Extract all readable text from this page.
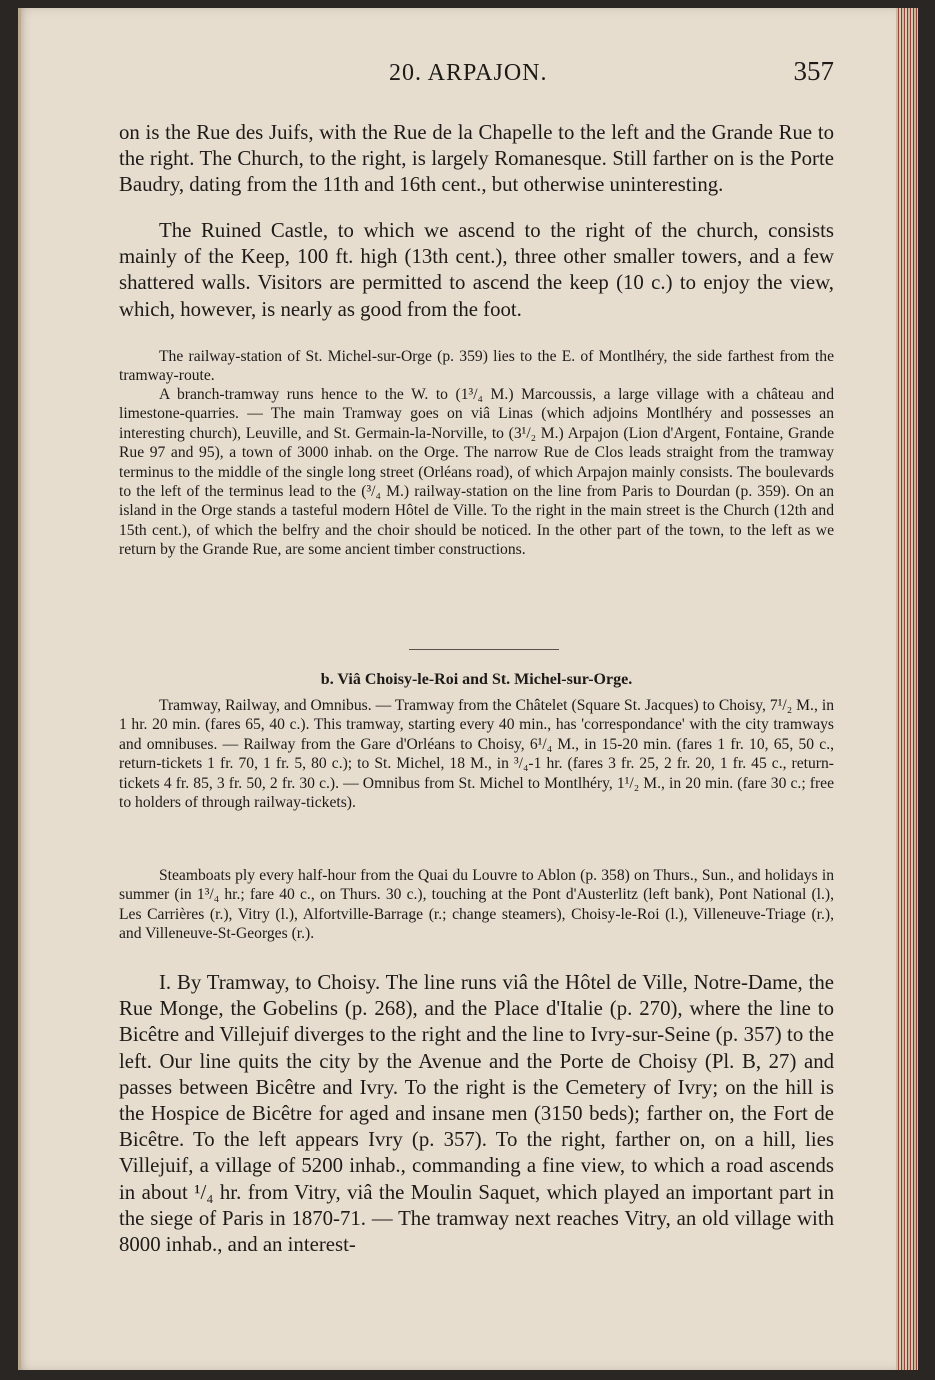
20. ARPAJON.	357

on is the Rue des Juifs, with the Rue de la Chapelle to the left and the Grande Rue to the right. The Church, to the right, is largely Romanesque. Still farther on is the Porte Baudry, dating from the 11th and 16th cent., but otherwise uninteresting.

The Ruined Castle, to which we ascend to the right of the church, consists mainly of the Keep, 100 ft. high (13th cent.), three other smaller towers, and a few shattered walls. Visitors are permitted to ascend the keep (10 c.) to enjoy the view, which, however, is nearly as good from the foot.

The railway-station of St. Michel-sur-Orge (p. 359) lies to the E. of Montlhéry, the side farthest from the tramway-route.

A branch-tramway runs hence to the W. to (1³/₄ M.) Marcoussis, a large village with a château and limestone-quarries. — The main Tramway goes on viâ Linas (which adjoins Montlhéry and possesses an interesting church), Leuville, and St. Germain-la-Norville, to (3¹/₂ M.) Arpajon (Lion d'Argent, Fontaine, Grande Rue 97 and 95), a town of 3000 inhab. on the Orge. The narrow Rue de Clos leads straight from the tramway terminus to the middle of the single long street (Orléans road), of which Arpajon mainly consists. The boulevards to the left of the terminus lead to the (³/₄ M.) railway-station on the line from Paris to Dourdan (p. 359). On an island in the Orge stands a tasteful modern Hôtel de Ville. To the right in the main street is the Church (12th and 15th cent.), of which the belfry and the choir should be noticed. In the other part of the town, to the left as we return by the Grande Rue, are some ancient timber constructions.

b. Viâ Choisy-le-Roi and St. Michel-sur-Orge.

Tramway, Railway, and Omnibus. — Tramway from the Châtelet (Square St. Jacques) to Choisy, 7¹/₂ M., in 1 hr. 20 min. (fares 65, 40 c.). This tramway, starting every 40 min., has 'correspondance' with the city tramways and omnibuses. — Railway from the Gare d'Orléans to Choisy, 6¹/₄ M., in 15-20 min. (fares 1 fr. 10, 65, 50 c., return-tickets 1 fr. 70, 1 fr. 5, 80 c.); to St. Michel, 18 M., in ³/₄-1 hr. (fares 3 fr. 25, 2 fr. 20, 1 fr. 45 c., return-tickets 4 fr. 85, 3 fr. 50, 2 fr. 30 c.). — Omnibus from St. Michel to Montlhéry, 1¹/₂ M., in 20 min. (fare 30 c.; free to holders of through railway-tickets).

Steamboats ply every half-hour from the Quai du Louvre to Ablon (p. 358) on Thurs., Sun., and holidays in summer (in 1³/₄ hr.; fare 40 c., on Thurs. 30 c.), touching at the Pont d'Austerlitz (left bank), Pont National (l.), Les Carrières (r.), Vitry (l.), Alfortville-Barrage (r.; change steamers), Choisy-le-Roi (l.), Villeneuve-Triage (r.), and Villeneuve-St-Georges (r.).

I. By Tramway, to Choisy. The line runs viâ the Hôtel de Ville, Notre-Dame, the Rue Monge, the Gobelins (p. 268), and the Place d'Italie (p. 270), where the line to Bicêtre and Villejuif diverges to the right and the line to Ivry-sur-Seine (p. 357) to the left. Our line quits the city by the Avenue and the Porte de Choisy (Pl. B, 27) and passes between Bicêtre and Ivry. To the right is the Cemetery of Ivry; on the hill is the Hospice de Bicêtre for aged and insane men (3150 beds); farther on, the Fort de Bicêtre. To the left appears Ivry (p. 357). To the right, farther on, on a hill, lies Villejuif, a village of 5200 inhab., commanding a fine view, to which a road ascends in about ¹/₄ hr. from Vitry, viâ the Moulin Saquet, which played an important part in the siege of Paris in 1870-71. — The tramway next reaches Vitry, an old village with 8000 inhab., and an interest-
